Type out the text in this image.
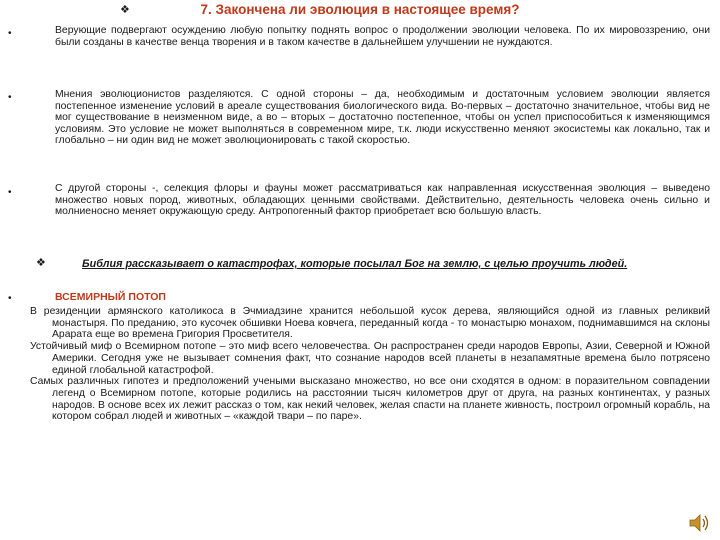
❖	7. Закончена ли эволюция в настоящее время?
•	Верующие подвергают осуждению любую попытку поднять вопрос о продолжении эволюции человека. По их мировоззрению, они были созданы в качестве венца творения и в таком качестве в дальнейшем улучшении не нуждаются.
•	Мнения эволюционистов разделяются. С одной стороны – да, необходимым и достаточным условием эволюции является постепенное изменение условий в ареале существования биологического вида. Во-первых – достаточно значительное, чтобы вид не мог существование в неизменном виде, а во – вторых – достаточно постепенное, чтобы он успел приспособиться к изменяющимся условиям. Это условие не может выполняться в современном мире, т.к. люди искусственно меняют экосистемы как локально, так и глобально – ни один вид не может эволюционировать с такой скоростью.
•	С другой стороны -, селекция флоры и фауны может рассматриваться как направленная искусственная эволюция – выведено множество новых пород, животных, обладающих ценными свойствами. Действительно, деятельность человека очень сильно и молниеносно меняет окружающую среду. Антропогенный фактор приобретает всю большую власть.
❖	Библия рассказывает о катастрофах, которые посылал Бог на землю, с целью проучить людей.
•	ВСЕМИРНЫЙ ПОТОП

В резиденции армянского католикоса в Эчмиадзине хранится небольшой кусок дерева, являющийся одной из главных реликвий монастыря. По преданию, это кусочек обшивки Ноева ковчега, переданный когда - то монастырю монахом, поднимавшимся на склоны Арарата еще во времена Григория Просветителя.

Устойчивый миф о Всемирном потопе – это миф всего человечества. Он распространен среди народов Европы, Азии, Северной и Южной Америки. Сегодня уже не вызывает сомнения факт, что сознание народов всей планеты в незапамятные времена было потрясено единой глобальной катастрофой.

Самых различных гипотез и предположений учеными высказано множество, но все они сходятся в одном: в поразительном совпадении легенд о Всемирном потопе, которые родились на расстоянии тысяч километров друг от друга, на разных континентах, у разных народов. В основе всех их лежит рассказ о том, как некий человек, желая спасти на планете живность, построил огромный корабль, на котором собрал людей и животных – «каждой твари – по паре».
